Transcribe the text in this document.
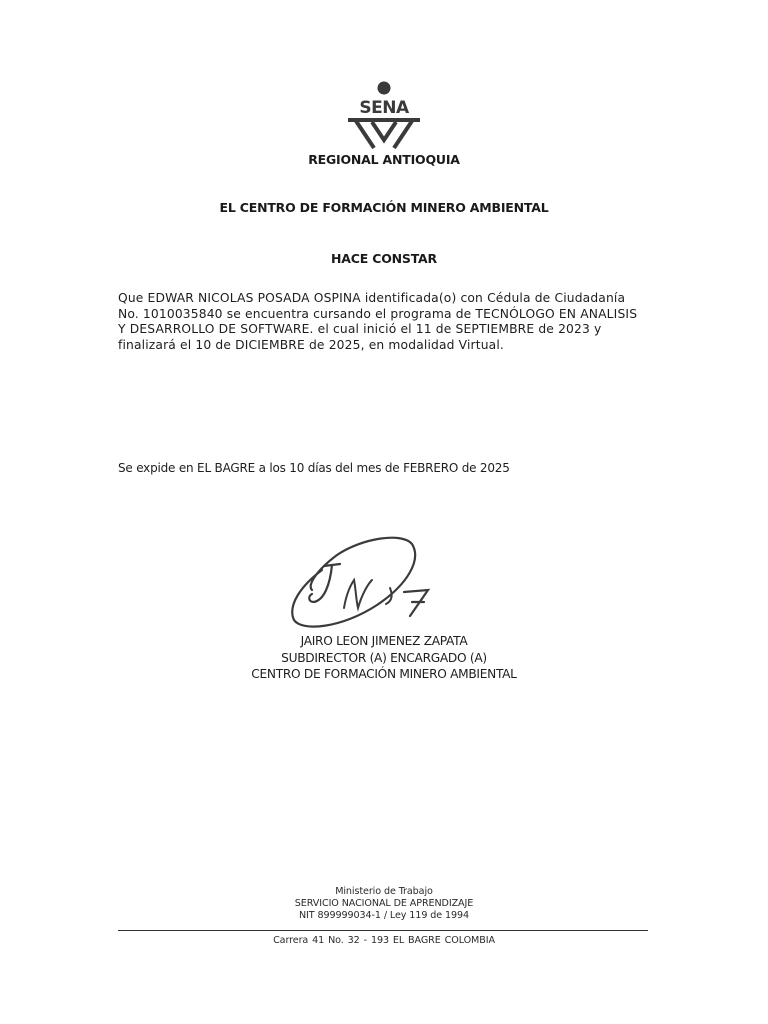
SENA
REGIONAL ANTIOQUIA
EL CENTRO DE FORMACIÓN MINERO AMBIENTAL
HACE CONSTAR
Que EDWAR NICOLAS POSADA OSPINA identificada(o) con Cédula de Ciudadanía No. 1010035840 se encuentra cursando el programa de TECNÓLOGO EN ANALISIS Y DESARROLLO DE SOFTWARE. el cual inició el 11 de SEPTIEMBRE de 2023 y finalizará el 10 de DICIEMBRE de 2025, en modalidad Virtual.
Se expide en EL BAGRE a los 10 días del mes de FEBRERO de 2025
JAIRO LEON JIMENEZ ZAPATA
SUBDIRECTOR (A) ENCARGADO (A)
CENTRO DE FORMACIÓN MINERO AMBIENTAL
Ministerio de Trabajo
SERVICIO NACIONAL DE APRENDIZAJE
NIT 899999034-1 / Ley 119 de 1994
Carrera 41 No. 32 - 193 EL BAGRE COLOMBIA
